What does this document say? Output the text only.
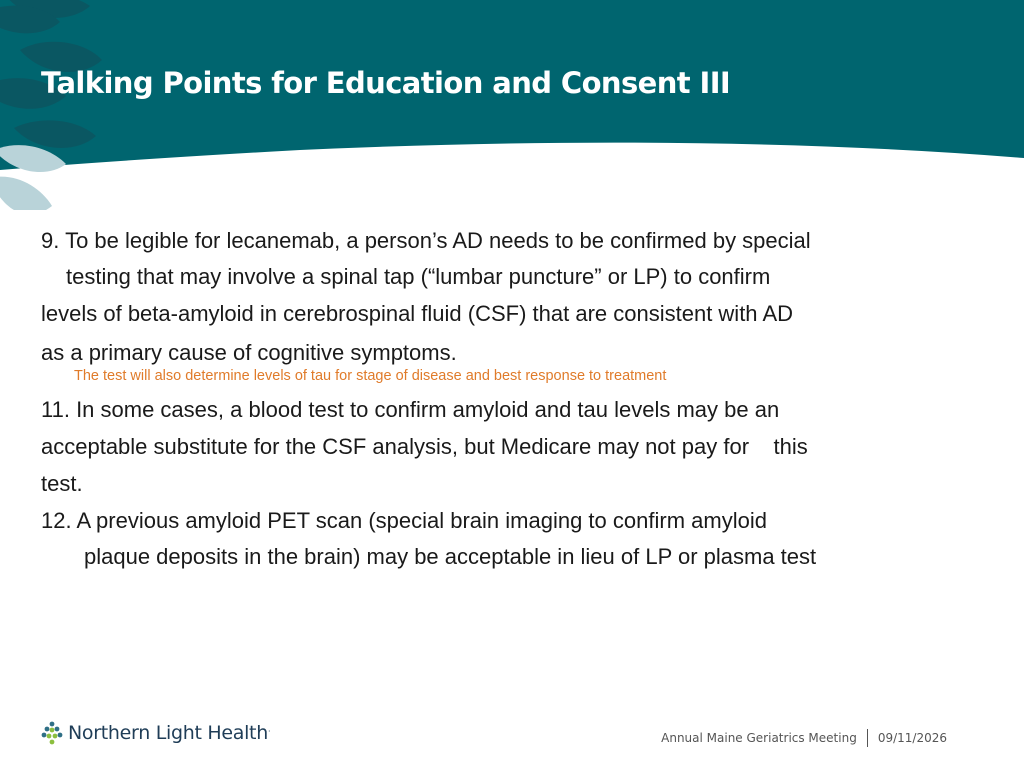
Talking Points for Education and Consent III
9. To be legible for lecanemab, a person’s AD needs to be confirmed by special
testing that may involve a spinal tap (“lumbar puncture” or LP) to confirm
levels of beta-amyloid in cerebrospinal fluid (CSF) that are consistent with AD
as a primary cause of cognitive symptoms.
11. In some cases, a blood test to confirm amyloid and tau levels may be an
acceptable substitute for the CSF analysis, but Medicare may not pay for    this
test.
12. A previous amyloid PET scan (special brain imaging to confirm amyloid
plaque deposits in the brain) may be acceptable in lieu of LP or plasma test
The test will also determine levels of tau for stage of disease and best response to treatment
Northern Light Health.
Annual Maine Geriatrics Meeting 09/11/2026
